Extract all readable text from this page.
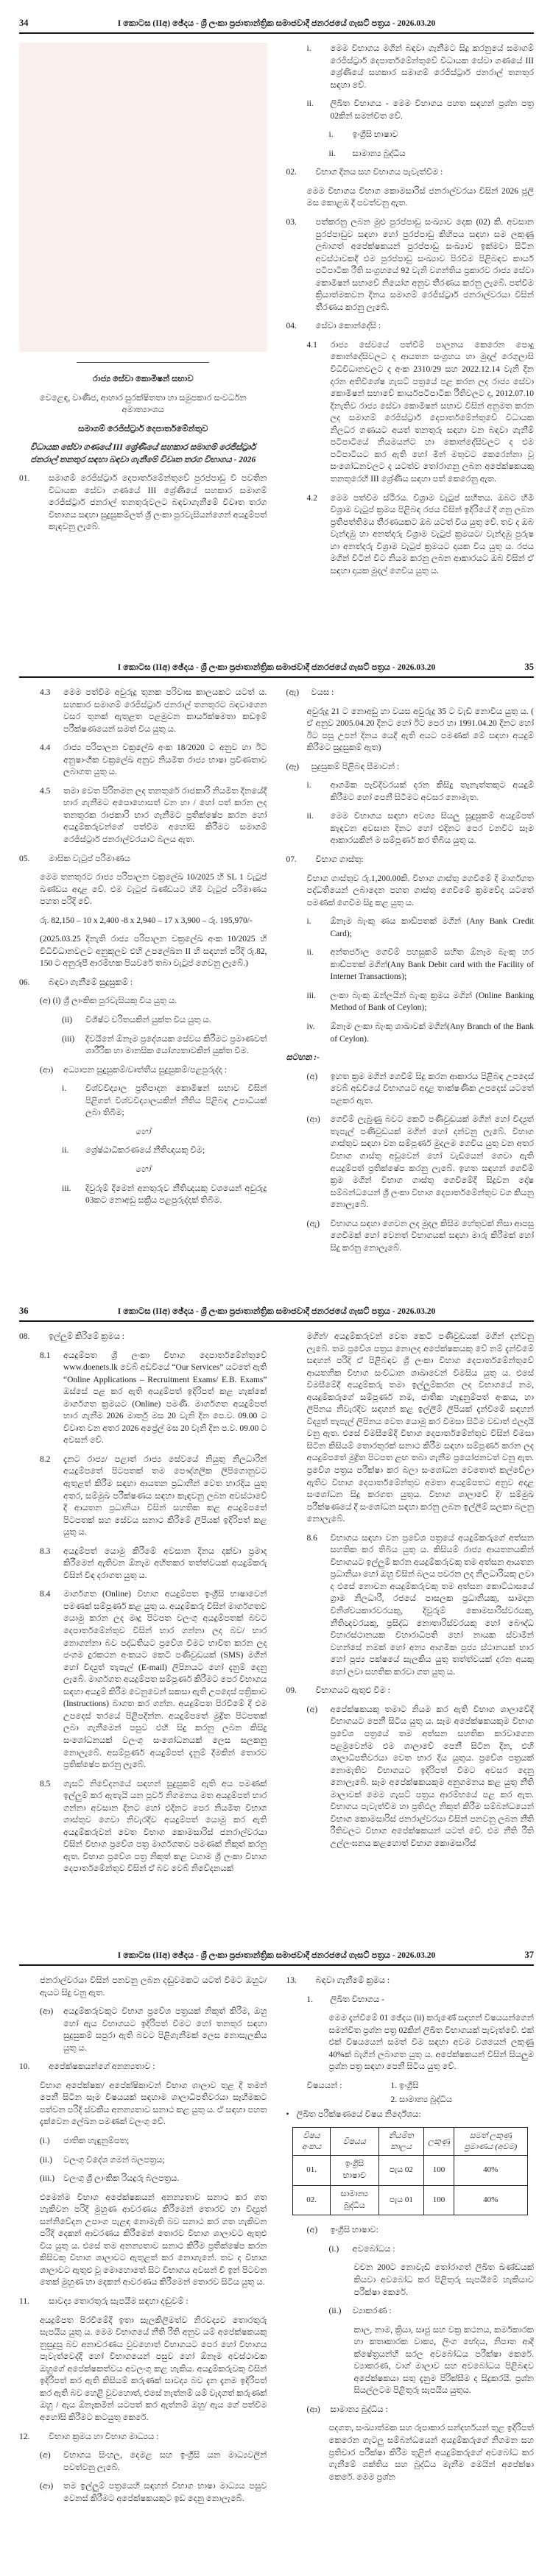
34	I කොටස (IIඅ) ඡේදය - ශ්‍රී ලංකා ප්‍රජාතාන්ත්‍රික සමාජවාදී ජනරජයේ ගැසට් පත්‍රය - 2026.03.20

රාජ්‍ය සේවා කොමිෂන් සභාව

වෙළෙඳ, වාණිජ, ආහාර සුරක්ෂිතතා හා සමුපකාර සංවර්ධන අමාත්‍යාංශය

සමාගම් රෙජිස්ට්‍රාර් දෙපාර්තමේන්තුව

විධායක සේවා ගණයේ III ශ්‍රේණියේ සහකාර සමාගම් රෙජිස්ට්‍රාර් ජනරාල් තනතුර සඳහා බඳවා ගැනීමේ විවෘත තරග විභාගය - 2026

01.	සමාගම් රෙජිස්ට්‍රාර් දෙපාර්තමේන්තුවේ පුරප්පාඩු වී පවතින විධායක සේවා ගණයේ III ශ්‍රේණියේ සහකාර සමාගම් රෙජිස්ට්‍රාර් ජනරාල් තනතුරුවලට බඳවාගැනීමේ විවෘත තරග විභාගය සඳහා සුදුසුකම්ලත් ශ්‍රී ලංකා පුරවැසියන්ගෙන් අයදුම්පත් කැඳවනු ලැබේ.
i.	මෙම විභාගය මගින් බඳවා ගැනීමට සිදු කරනුයේ සමාගම් රෙජිස්ට්‍රාර් දෙපාර්තමේන්තුවේ විධායක සේවා ගණයේ III ශ්‍රේණියේ සහකාර සමාගම් රෙජිස්ට්‍රාර් ජනරාල් තනතුර සඳහා වේ.
ii.	ලිඛිත විභාගය - මෙම විභාගය පහත සඳහන් ප්‍රශ්න පත්‍ර 02කින් සමන්විත වේ.
i.	ඉංග්‍රීසි භාෂාව
ii.	සාමාන්‍ය බුද්ධිය
02.	විභාග දිනය සහ විභාගය පැවැත්වීම :

මෙම විභාගය විභාග කොමසාරිස් ජනරාල්වරයා විසින් 2026 ජූලි මස කොළඹ දී පවත්වනු ඇත.

03.	පත්කරනු ලබන මුළු පුරප්පාඩු සංඛ්‍යාව දෙක (02) කි. අවසාන පුරප්පාඩුව සඳහා හෝ පුරප්පාඩු කිහිපය සඳහා සම ලකුණු ලබාගත් අපේක්ෂකයන් පුරප්පාඩු සංඛ්‍යාව ඉක්මවා සිටින අවස්ථාවකදී එම පුරප්පාඩු සංඛ්‍යාව පිරවීම පිළිබඳව කාර්ය පටිපාටික රීති සංග්‍රහයේ 92 වැනි වගන්තිය ප්‍රකාරව රාජ්‍ය සේවා කොමිෂන් සභාවේ නියෝග අනුව තීරණය කරනු ලැබේ. පත්වීම ක්‍රියාත්මකවන දිනය සමාගම් රෙජිස්ට්‍රාර් ජනරාල්වරයා විසින් තීරණය කරනු ලැබේ.
04.	සේවා කොන්දේසි :
4.1	රාජ්‍ය සේවයේ පත්වීම් පාලනය කෙරෙන පොදු කොන්දේසිවලට ද ආයතන සංග්‍රහය හා මුදල් රෙගුලාසි විධිවිධානවලට ද අංක 2310/29 සහ 2022.12.14 වැනි දින දරන අතිවිශේෂ ගැසට් පත්‍රයේ පළ කරන ලද රාජ්‍ය සේවා කොමිෂන් සභාවේ කාර්යපටිපාටික රීතිවලට ද, 2012.07.10 දිනැතිව රාජ්‍ය සේවා කොමිෂන් සභාව විසින් අනුමත කරන ලද සමාගම් රෙජිස්ට්‍රාර් දෙපාර්තමේන්තුවේ විධායක නිලධර ගණයට අයත් තනතුරු සඳහා වන බඳවා ගැනීම් පටිපාටියේ නියමයන්ට හා කොන්දේසිවලට ද එම පටිපාටියට කර ඇති හෝ මින් මතුවට කෙරෙන්නා වූ සංශෝධනවලට ද යටත්ව තෝරාගනු ලබන අපේක්ෂකයකු තනතුරෙහි III ශ්‍රේණිය සඳහා පත් කෙරෙනු ඇත.
4.2	මෙම පත්වීම ස්ථීරය. විශ්‍රාම වැටුප් සහිතය. ඔබට හිමි විශ්‍රාම වැටුප් ක්‍රමය පිළිබඳ රජය විසින් ඉදිරියේ දී ගනු ලබන ප්‍රතිපත්තිමය තීරණයකට ඔබ යටත් විය යුතු වේ. තව ද ඔබ වැන්දඹු හා අනත්දරු විශ්‍රාම වැටුප් ක්‍රමයට/ වැන්දඹු පුරුෂ හා අනත්දරු විශ්‍රාම වැටුප් ක්‍රමයට දායක විය යුතු ය. රජය මගින් විටින් විට නියම කරනු ලබන ආකාරයට ඔබ විසින් ඒ සඳහා දායක මුදල් ගෙවිය යුතු ය.
I කොටස (IIඅ) ඡේදය - ශ්‍රී ලංකා ප්‍රජාතාන්ත්‍රික සමාජවාදී ජනරජයේ ගැසට් පත්‍රය - 2026.03.20	35
4.3	මෙම පත්වීම අවුරුදු තුනක පරිවාස කාලයකට යටත් ය. සහකාර සමාගම් රෙජිස්ට්‍රාර් ජනරාල් තනතුරට බඳවාගෙන වසර තුනක් ඇතුළත පළමුවන කාර්යක්ෂමතා කඩඉම් පරීක්ෂණයෙන් සමත් විය යුතු ය.
4.4	රාජ්‍ය පරිපාලන චක්‍රලේඛ අංක 18/2020 ට අනුව හා ඊට අනුෂාංගික චක්‍රලේඛ අනුව නියමිත රාජ්‍ය භාෂා ප්‍රවීණතාව ලබාගත යුතු ය.
4.5	තමා වෙත පිරිනමන ලද තනතුරේ රාජකාරි නියමිත දිනයේදී භාර ගැනීමට අපොහොසත් වන හා / හෝ පත් කරන ලද තනතුරක රාජකාරි භාර ගැනීමට ප්‍රතික්ෂේප කරන හෝ අයදුම්කරුවන්ගේ පත්වීම අහෝසි කිරීමට සමාගම් රෙජිස්ට්‍රාර් ජනරාල්වරයාට බලය ඇත.
05.	මාසික වැටුප් පරිමාණය

මෙම තනතුරට රාජ්‍ය පරිපාලන චක්‍රලේඛ 10/2025 හි SL 1 වැටුප් ඛණ්ඩය අදාළ වේ. එම වැටුප් ඛණ්ඩයට හිමි වැටුප් පරිමාණය පහත පරිදි වේ.

රු. 82,150 – 10 x 2,400 -8 x 2,940 – 17 x 3,900 – රු. 195,970/-

(2025.03.25 දිනැති රාජ්‍ය පරිපාලන චක්‍රලේඛ අංක 10/2025 හි විධිවිධානවලට අනුකූලව එහි උපලේඛන II හි සඳහන් පරිදි රු.82, 150 ට අනුරූපී ආරම්භක පියවරේ තබා වැටුප් ගෙවනු ලැබේ.)

06.	බඳවා ගැනීමේ සුදුසුකම් :
(අ) (i) ශ්‍රී ලාංකික පුරවැසියකු විය යුතු ය.
(ii)	විශිෂ්ට චරිතයකින් යුක්ත විය යුතු ය.
(iii)	දිවයිනේ ඕනෑම ප්‍රදේශයක සේවය කිරීමට ප්‍රමාණවත් ශාරීරික හා මානසික යෝග්‍යතාවකින් යුක්ත වීම.
(ආ)	අධ්‍යාපන සුදුසුකම්/වෘත්තීය සුදුසුකම්/පළපුරුද්ද :
i.	විශ්වවිද්‍යාල ප්‍රතිපාදන කොමිෂන් සභාව විසින් පිළිගත් විශ්වවිද්‍යාලයකින් නීතිය පිළිබඳ උපාධියක් ලබා තිබීම;

හෝ

ii.	ශ්‍රේෂ්ඨාධිකරණයේ නීතිඥයකු වීම;

හෝ

iii.	දිවුරුම් දීමෙන් අනතුරුව නීතිඥයකු වශයෙන් අවුරුදු 03කට නොඅඩු සක්‍රීය පළපුරුද්දක් තිබීම.
(ඇ)	වයස :

අවුරුදු 21 ට නොඅඩු හා වයස අවුරුදු 35 ට වැඩි නොවිය යුතු ය. ( ඒ අනුව 2005.04.20 දිනට හෝ ඊට පෙර හා 1991.04.20 දිනට හෝ ඊට පසු උපන් දිනය යෙදී ඇති අයට පමණක් මේ සඳහා අයදුම් කිරීමට සුදුසුකම් ඇත)

(ඈ)	සුදුසුකම් පිළිබඳ සීමාවන් :
i.	ආගමික පැවිදිවරයක් දරන කිසිදු තැනැත්තකුට අයදුම් කිරීමට හෝ පෙනී සිටීමට අවසර නොමැත.
ii.	මෙම විභාගය සඳහා අවශ්‍ය සියලු සුදුසුකම් අයදුම්පත් කැඳවන අවසාන දිනට හෝ එදිනට පෙර වනවිට සෑම ආකාරයකින් ම සම්පූර්ණ කර තිබිය යුතු ය.
07.	විභාග ගාස්තු:

විභාග ගාස්තුව රු.1,200.00කි. විභාග ගාස්තු ගෙවීමේ දී මාර්ගගත පද්ධතියෙන් ලබාදෙන පහත ගාස්තු ගෙවීමේ ක්‍රමවේද යටතේ පමණක් ගෙවීම සිදු කළ යුතු ය.

i.	ඕනෑම බැංකු ණය කාඩ්පතක් මගින් (Any Bank Credit Card);
ii.	අන්තර්ජාල ගෙවීම් පහසුකම් සහිත ඕනෑම බැංකු හර කාඩ්පතක් මගින්(Any Bank Debit card with the Facility of Internet Transactions);
iii.	ලංකා බැංකු ඔන්ලයින් බැංකු ක්‍රමය මගින් (Online Banking Method of Bank of Ceylon);
iv.	ඕනෑම ලංකා බැංකු ශාඛාවක් මගින්(Any Branch of the Bank of Ceylon).

සටහන :-

(අ)	ඉහත ක්‍රම මගින් ගෙවීම් සිදු කරන ආකාරය පිළිබඳ උපදෙස් වෙබ් අඩවියේ විභාගයට අදාළ තාක්ෂණික උපදෙස් යටතේ පළකර ඇත.
(ආ)	ගෙවීම් ලැබුණු බවට කෙටි පණිවුඩයක් මගින් හෝ විද්‍යුත් තැපැල් පණිවුඩයක් මගින් හෝ දන්වනු ලැබේ. විභාග ගාස්තුව සඳහා වන සම්පූර්ණ මුදලම ගෙවිය යුතු වන අතර විභාග ගාස්තු අඩුවෙන් හෝ වැඩියෙන් ගෙවා ඇති අයදුම්පත් ප්‍රතික්ෂේප කරනු ලැබේ. ඉහත සඳහන් ගෙවීම් ක්‍රම මගින් විභාග ගාස්තු ගෙවීමේදී සිදුවන දෝෂ සම්බන්ධයෙන් ශ්‍රී ලංකා විභාග දෙපාර්තමේන්තුව වග කියනු නොලැබේ.
(ඇ)	විභාගය සඳහා ගෙවන ලද මුදල කිසිම හේතුවක් නිසා ආපසු ගෙවීමක් හෝ වෙනත් විභාගයක් සඳහා මාරු කිරීමක් හෝ සිදු කරනු නොලැබේ.
36	I කොටස (IIඅ) ඡේදය - ශ්‍රී ලංකා ප්‍රජාතාන්ත්‍රික සමාජවාදී ජනරජයේ ගැසට් පත්‍රය - 2026.03.20
08.	ඉල්ලුම් කිරීමේ ක්‍රමය :
8.1	අයදුම්පත ශ්‍රී ලංකා විභාග දෙපාර්තමේන්තුවේ www.doenets.lk වෙබ් අඩවියේ “Our Services” යටතේ ඇති “Online Applications – Recruitment Exams/ E.B. Exams” ඔස්සේ පළ කර ඇති අයදුම්පත් ඉදිරිපත් කළ හැක්කේ මාර්ගගත ක්‍රමයට (Online) පමණි. මාර්ගගත අයදුම්පත් භාර ගැනීම 2026 මාර්තු මස 20 වැනි දින පෙ.ව. 09.00 ට විවෘත වන අතර 2026 අප්‍රේල් මස 20 වැනි දින ප.ව. 09.00 ට අවසන් වේ.
8.2	දැනට රාජ්‍ය/ පළාත් රාජ්‍ය සේවයේ නියුතු නිලධාරීන් අයදුම්පතේ පිටපතක් තම පෞද්ගලික ලිපිගොනුවට ඇතුළත් කිරීම සඳහා ආයතන ප්‍රධානීන් වෙත භාරදිය යුතු අතර, සම්මුඛ පරීක්ෂණය සඳහා කැඳවනු ලබන අවස්ථාවේ දී ආයතන ප්‍රධානියා විසින් සහතික කළ අයදුම්පතේ පිටපතක් සහ සේවය සනාථ කිරීමේ ලිපියක් ඉදිරිපත් කළ යුතු ය.
8.3	අයදුම්පත් යොමු කිරීමේ අවසාන දිනය දක්වා ප්‍රමාද කිරීමෙන් ඇතිවන ඕනෑම අහිතකර තත්ත්වයක් අයදුම්කරු විසින් විඳ දරාගත යුතු ය.
8.4	මාර්ගගත (Online) විභාග අයදුම්පත ඉංග්‍රීසි භාෂාවෙන් පමණක් සම්පූර්ණ කළ යුතු ය. අයදුම්කරු විසින් මාර්ගගතව යොමු කරන ලද මෘදු පිටපත වලංගු අයදුම්පතක් බවට දෙපාර්තමේන්තුව විසින් භාර ගන්නා ලද බව/ භාර නොගන්නා බව පද්ධතියට ප්‍රවේශ වීමට භාවිත කරන ලද ජංගම දුරකථන අංකයට කෙටි පණිවුඩයක් (SMS) මගින් හෝ විද්‍යුත් තැපැල් (E-mail) ලිපිනයට හෝ දැනුම් දෙනු ලැබේ. මාර්ගගත අයදුම්පත සම්පූර්ණ කිරීමට පෙර විභාගය සඳහා අයදුම් කිරීම වෙනුවෙන් සකසා ඇති උපදෙස් පත්‍රිකාව (Instructions) බාගත කර ගන්න. අයදුම්පත පිරවීමේ දී එම උපදෙස් තරයේ පිළිපදින්න. අයදුම්පතේ මුද්‍රිත පිටපතක් ලබා ගැනීමෙන් පසුව එහි සිදු කරනු ලබන කිසිදු සංශෝධනයක් වලංගු සංශෝධනයක් ලෙස සලකනු නොලැබේ. අසම්පූර්ණ අයදුම්පත් දැනුම් දීමකින් තොරව ප්‍රතික්ෂේප කරනු ලැබේ.
8.5	ගැසට් නිවේදනයේ සඳහන් සුදුසුකම් ඇති අය පමණක් ඉල්ලුම් කර ඇතැයි යන පූර්ව නිගමනය මත අයදුම්පත් භාර ගන්නා අවසාන දිනට හෝ එදිනට පෙර නියමිත විභාග ගාස්තුව ගෙවා නිවැරදිව අයදුම්පත් යොමු කර ඇති අයදුම්කරුවන් වෙත විභාග කොමසාරිස් ජනරාල්වරයා විසින් විභාග ප්‍රවේශ පත්‍ර මාර්ගගතව පමණක් නිකුත් කරනු ඇත. විභාග ප්‍රවේශ පත්‍ර නිකුත් කළ වහාම ශ්‍රී ලංකා විභාග දෙපාර්තමේන්තුව විසින් ඒ බව වෙබ් නිවේදනයක්

මගින්/ අයදුම්කරුවන් වෙත කෙටි පණිවුඩයක් මගින් දන්වනු ලැබේ. තම ප්‍රවේශ පත්‍රය නොලද අපේක්ෂකයකු වේ නම් දැන්වීමේ සඳහන් පරිදි ඒ පිළිබඳව ශ්‍රී ලංකා විභාග දෙපාර්තමේන්තුවේ ආයතනික විභාග සංවිධාන ශාඛාවෙන් විමසිය යුතු ය. එසේ විමසීමේදී අයදුම්කරු තමා ඉල්ලුම්කරන ලද විභාගයේ නම, අයදුම්කරුගේ සම්පූර්ණ නම, ජාතික හැඳුනුම්පත් අංකය, හා ලිපිනය නිවැරදිව සඳහන් කළ ඉල්ලීම් ලිපියක් දැන්වීමේ සඳහන් විද්‍යුත් තැපැල් ලිපිනය වෙත යොමු කර විමසා සිටීම වඩාත් ඵලදායි වනු ඇත. එසේ විමසීමේදී විභාග දෙපාර්තමේන්තුව විසින් විමසා සිටින කිසියම් තොරතුරක් සනාථ කිරීම සඳහා සම්පූර්ණ කරන ලද අයදුම්පතේ මුද්‍රිත පිටපත ළඟ තබා ගැනීම ප්‍රයෝජනවත් වනු ඇත. ප්‍රවේශ පත්‍රය පරීක්ෂා කර බලා සංශෝධන වෙතොත් කල්වේලා ඇතිව විභාග දෙපාර්තමේන්තුව අමතා අයදුම්පතට අනුව අදාළ සංශෝධන සිදු කරගත යුතුය. විභාග ශාලාවේ දි/ සම්මුඛ පරීක්ෂණයේ දී සංශෝධන සඳහා කරනු ලබන ඉල්ලීම් සලකා බලනු නොලැබේ.

8.6	විභාගය සඳහා වන ප්‍රවේශ පත්‍රයේ අයදුම්කරුගේ අත්සන සහතික කර තිබිය යුතු ය. කිසියම් රාජ්‍ය ආයතනයකින් විභාගයට ඉල්ලුම් කරන අයදුම්කරුවකු තම අත්සන ආයතන ප්‍රධානියා හෝ ඔහු විසින් බලය පවරන ලද නිලධාරියකු ලවා ද එසේ නොවන අයදුම්කරුවකු තම අත්සන කොට්ඨාසයේ ග්‍රාම නිලධාරී, රජයේ පාසලක ප්‍රධානියකු, සාමදාන විනිශ්චයකාරවරයකු, දිවුරුම් කොමසාරිස්වරයකු, නීතිඥවරයකු, ප්‍රසිද්ධ නොතාරිස්වරයකු හෝ බෞද්ධ විහාරස්ථානයක විහාරාධිපති හෝ නායක ස්වාමීන් වහන්සේ නමක් හෝ අන්‍ය ආගමික පූජ්‍ය ස්ථානයක් භාර හෝ පූජ්‍ය පක්ෂයේ සැලකිය යුතු තත්ත්වයක් දරන අයකු හෝ ලවා සහතික කරවා ගත යුතු ය.
09.	විභාගයට ඇතුළු වීම :
(අ)	අපේක්ෂකයකු තමාට නියම කර ඇති විභාග ශාලාවේදී විභාගයට පෙනී සිටිය යුතු ය. සෑම අපේක්ෂකයකුම විභාග ප්‍රවේශ පත්‍රයේ තම අත්සන සහතික කරවාගෙන පළමුවෙන්ම එම ශාලාවේ පෙනී සිටින දින, එහි ශාලාධිපතිවරයා වෙත භාර දිය යුතුය. ප්‍රවේශ පත්‍රයක් නොමැතිව විභාගයට ඉදිරිපත් වීමට අවසර දෙනු නොලැබේ. සෑම අපේක්ෂකයකුම අනුගමනය කළ යුතු නීති මාලාවක් මෙම ගැසට් පත්‍රය ආරම්භයේ පළ කර ඇත. විභාගය පැවැත්වීම හා ප්‍රතිඵල නිකුත් කිරීම සම්බන්ධයෙන් විභාග කොමසාරිස් ජනරාල්වරයා විසින් පනවනු ලබන නීති රීතිවලට විභාග අපේක්ෂකයන් යටත් වේ. එම නීති රීති උල්ලංඝනය කළහොත් විභාග කොමසාරිස්
I කොටස (IIඅ) ඡේදය - ශ්‍රී ලංකා ප්‍රජාතාන්ත්‍රික සමාජවාදී ජනරජයේ ගැසට් පත්‍රය - 2026.03.20	37

ජනරාල්වරයා විසින් පනවනු ලබන දඬුවමකට යටත් වීමට ඔහුට/ ඇයට සිදු වනු ඇත.

(ආ)	අයදුම්කරුවකුට විභාග ප්‍රවේශ පත්‍රයක් නිකුත් කිරීම, ඔහු හෝ ඇය විභාගයට ඉදිරිපත් වීමට හෝ තනතුර සඳහා සුදුසුකම් සපුරා ඇති බවට පිළිගැනීමක් ලෙස නොසැලකිය යුතු ය.
10.	අපේක්ෂකයන්ගේ අනන්‍යතාව :

විභාග අපේක්ෂක/ අපේක්ෂිකාවන් විභාග ශාලාව තුළ දී තමන් පෙනී සිටින සෑම විෂයයක් සඳහාම ශාලාධිපතිවරයා සෑහීමකට පත්වන පරිදි ස්වකීය අනන්‍යතාව සනාථ කළ යුතු ය. ඒ සඳහා පහත දැක්වෙන ලේඛන පමණක් වලංගු වේ.

(i.)	ජාතික හැඳුනුම්පත;
(ii.)	වලංගු විදේශ ගමන් බලපත්‍රය;
(iii.)	වලංගු ශ්‍රී ලාංකික රියදුරු බලපත්‍රය.

එමෙන්ම විභාග අපේක්ෂකයන් අනන්‍යතාව සනාථ කර ගත හැකිවන පරිදි මුහුණ ආවරණය කිරීමෙන් තොරව හා විද්‍යුත් සන්නිවේදන උපාංග පැළඳ නොමැති බව සනාථ කර ගත හැකිවන පරිදි දෙකන් ආවරණය කිරීමෙන් තොරව විභාග ශාලාවට ඇතුළු විය යුතු ය. එසේ තම අනන්‍යතාව සනාථ කිරීම ප්‍රතික්ෂේප කරන කිසිවකු විභාග ශාලාවට ඇතුළත් කර නොගැනේ. තව ද විභාග ශාලාවට ඇතුළු වූ මොහොතේ සිට විභාගය අවසන් වී ඉන් පිටවන තෙක් මුහුණ හා දෙකන් ආවරණය කිරීමෙන් තොරව සිටිය යුතු ය.

11.	සාවද්‍ය තොරතුරු සැපයීම සඳහා දඬුවම් :

අයදුම්පත පිරවීමේදී ඉතා සැලකිලිමත්ව නිරවද්‍යව තොරතුරු සැපයිය යුතු ය. මෙම විභාගයේ නීති රීති අනුව යම් අපේක්ෂකයකු නුසුදුසු බව අනාවරණය වුවහොත් විභාගයට පෙර හෝ විභාගය පැවැත්වෙද්දී හෝ විභාගයෙන් පසුව හෝ ඕනෑම අවස්ථාවක ඔහුගේ අපේක්ෂකත්වය අවලංගු කළ හැකිය. අයදුම්කරුවකු විසින් ඉදිරිපත් කර ඇති කිසියම් කරුණක් සාවද්‍ය බව දැන දැනම ඉදිරිපත් කර ඇති බව හෙළි වුවහොත්, එසේ නැත්නම් යම් වැදගත් කරුණක් ඔහු / ඇය ඕනෑකමින් යටපත් කර ඇත්නම් ඔහු/ ඇය ගේ පත්වීම අහෝසි කිරීමට කටයුතු කෙරේ.

12.	විභාග ක්‍රමය හා විභාග මාධ්‍යය :
(අ)	විභාගය සිංහල, දෙමළ සහ ඉංග්‍රීසි යන මාධ්‍යවලින් පවත්වනු ලැබේ.
(ආ)	තම ඉල්ලුම් පත්‍රයෙහි සඳහන් විභාග භාෂා මාධ්‍යය පසුව වෙනස් කිරීමට අපේක්ෂකයකුට ඉඩ දෙනු නොලැබේ.
13.	බඳවා ගැනීමේ ක්‍රමය :
1.	ලිඛිත විභාගය -

මෙම දැන්වීමේ 01 ඡේදය (ii) කරුණේ සඳහන් විෂයයන්ගෙන් සමන්විත ප්‍රශ්න පත්‍ර 02කින් ලිඛිත විභාගයක් පැවැත්වේ. එක් එක් විෂයයෙන් සමත් වීම සඳහා අවම වශයෙන් ලකුණු 40%ක් බැගින් ලබාගත යුතු ය. අපේක්ෂකයන් විසින් සියලුම ප්‍රශ්න පත්‍ර සඳහා පෙනී සිටිය යුතු වේ.

විෂයයන් :	1. ඉංග්‍රීසි
2. සාමාන්‍ය බුද්ධිය
• ලිඛිත පරීක්ෂණයේ විෂය නිර්දේශය:
විෂය අංකය	විෂයය	නියමිත කාලය	ලකුණු	සමත් ලකුණු ප්‍රමාණය (අවම)
01.	ඉංග්‍රීසි භාෂාව	පැය 02	100	40%
02.	සාමාන්‍ය බුද්ධිය	පැය 01	100	40%
(අ)	ඉංග්‍රීසි භාෂාව:
(i.)	අවබෝධය :

වචන 200ට නොවැඩි තෝරාගත් ලිඛිත ඛණ්ඩයක් කියවා අවබෝධ කර පිළිතුරු සැපයීමේ හැකියාව පරීක්ෂා කෙරේ.

(ii.)	ව්‍යාකරණ :

කාල, නාම, ක්‍රියා, සෘජු සහ වක්‍ර කථනය, කර්මකාරක හා කතෘකාරක වාක්‍ය, ලිංග භේදය, නිපාත ආදී ක්ෂේත්‍රයන්හි සරල අවබෝධය පරීක්ෂා කෙරේ. ව්‍යාකරණ, වාග් මාලාව සහ අවබෝධය පිළිබඳව අපේක්ෂකයා සතු දැනුම පිරික්සීම ද සිදුකරයි. ප්‍රශ්න සියල්ලටම පිළිතුරු සැපයිය යුතුය.

(ආ)	සාමාන්‍ය බුද්ධිය :

පදගත, සංඛ්‍යාත්මක සහ රූපාකාර සන්දර්භයන් තුළ ඉදිරිපත් කෙරෙන ගැටලු සම්බන්ධයෙන් අයදුම්කරුගේ නිගමන සහ ප්‍රතිචාර පරීක්ෂා කිරීම තුළින් අයදුම්කරුගේ අවබෝධ කර ගැනීමේ ශක්තිය සහ බුද්ධිය මැනීම මෙයින් අපේක්ෂා කෙරේ. මෙම ප්‍රශ්න
